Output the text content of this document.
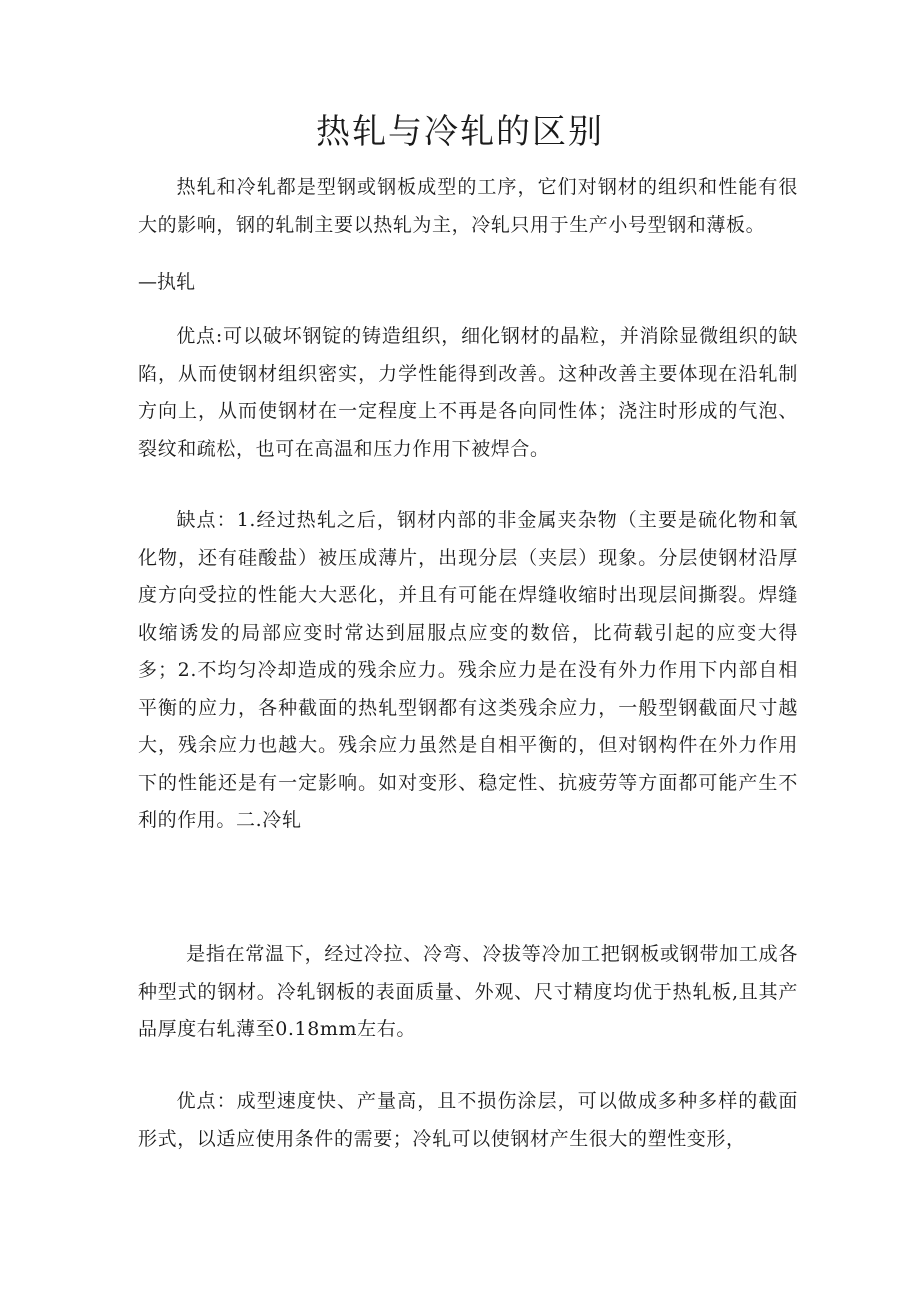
热轧与冷轧的区别
热轧和冷轧都是型钢或钢板成型的工序，它们对钢材的组织和性能有很大的影响，钢的轧制主要以热轧为主，冷轧只用于生产小号型钢和薄板。
—执轧
优点:可以破坏钢锭的铸造组织，细化钢材的晶粒，并消除显微组织的缺陷，从而使钢材组织密实，力学性能得到改善。这种改善主要体现在沿轧制方向上，从而使钢材在一定程度上不再是各向同性体；浇注时形成的气泡、裂纹和疏松，也可在高温和压力作用下被焊合。
缺点：1.经过热轧之后，钢材内部的非金属夹杂物（主要是硫化物和氧化物，还有硅酸盐）被压成薄片，出现分层（夹层）现象。分层使钢材沿厚度方向受拉的性能大大恶化，并且有可能在焊缝收缩时出现层间撕裂。焊缝收缩诱发的局部应变时常达到屈服点应变的数倍，比荷载引起的应变大得多；2.不均匀冷却造成的残余应力。残余应力是在没有外力作用下内部自相平衡的应力，各种截面的热轧型钢都有这类残余应力，一般型钢截面尺寸越大，残余应力也越大。残余应力虽然是自相平衡的，但对钢构件在外力作用下的性能还是有一定影响。如对变形、稳定性、抗疲劳等方面都可能产生不利的作用。二.冷轧
是指在常温下，经过冷拉、冷弯、冷拔等冷加工把钢板或钢带加工成各种型式的钢材。冷轧钢板的表面质量、外观、尺寸精度均优于热轧板,且其产品厚度右轧薄至0.18mm左右。
优点：成型速度快、产量高，且不损伤涂层，可以做成多种多样的截面形式，以适应使用条件的需要；冷轧可以使钢材产生很大的塑性变形，
